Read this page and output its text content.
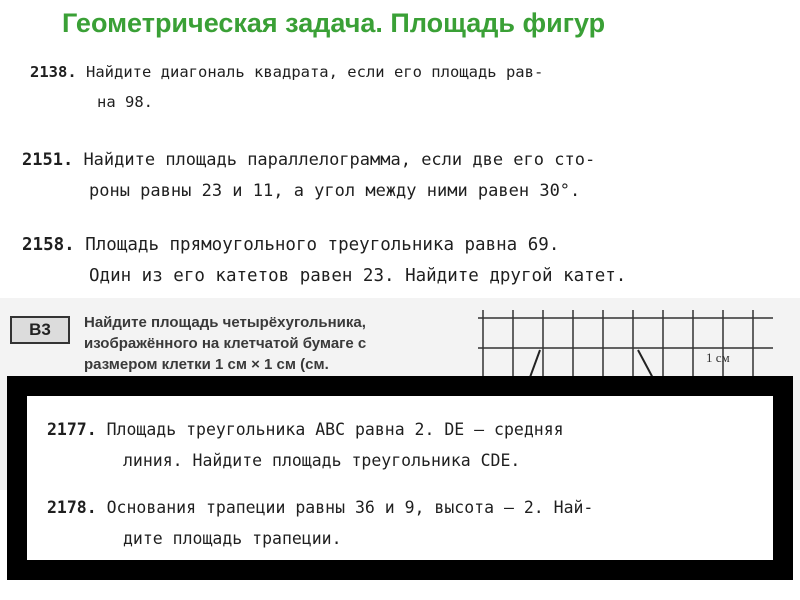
Геометрическая задача. Площадь фигур
2138. Найдите диагональ квадрата, если его площадь рав-
на 98.
2151. Найдите площадь параллелограмма, если две его сто-
роны равны 23 и 11, а угол между ними равен 30°.
2158. Площадь прямоугольного треугольника равна 69.
Один из его катетов равен 23. Найдите другой катет.
B3	Найдите площадь четырёхугольника,
изображённого на клетчатой бумаге с
размером клетки 1 см × 1 см (см.	1 см
2177. Площадь треугольника ABC равна 2. DE — средняя
линия. Найдите площадь треугольника CDE.
2178. Основания трапеции равны 36 и 9, высота — 2. Най-
дите площадь трапеции.
